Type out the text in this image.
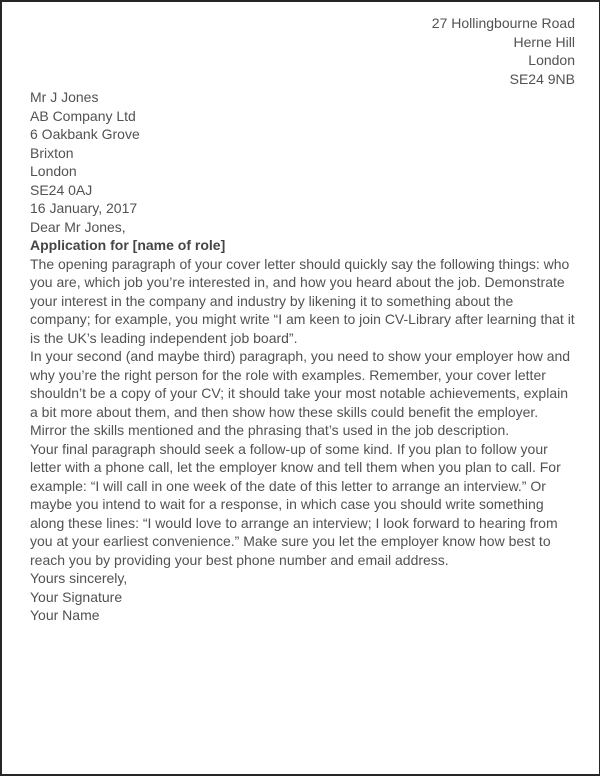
27 Hollingbourne Road
Herne Hill
London
SE24 9NB
Mr J Jones
AB Company Ltd
6 Oakbank Grove
Brixton
London
SE24 0AJ

16 January, 2017

Dear Mr Jones,

Application for [name of role]

The opening paragraph of your cover letter should quickly say the following things: who you are, which job you’re interested in, and how you heard about the job. Demonstrate your interest in the company and industry by likening it to something about the company; for example, you might write “I am keen to join CV-Library after learning that it is the UK’s leading independent job board”.

In your second (and maybe third) paragraph, you need to show your employer how and why you’re the right person for the role with examples. Remember, your cover letter shouldn’t be a copy of your CV; it should take your most notable achievements, explain a bit more about them, and then show how these skills could benefit the employer. Mirror the skills mentioned and the phrasing that’s used in the job description.

Your final paragraph should seek a follow-up of some kind. If you plan to follow your letter with a phone call, let the employer know and tell them when you plan to call. For example: “I will call in one week of the date of this letter to arrange an interview.” Or maybe you intend to wait for a response, in which case you should write something along these lines: “I would love to arrange an interview; I look forward to hearing from you at your earliest convenience.” Make sure you let the employer know how best to reach you by providing your best phone number and email address.

Yours sincerely,

Your Signature
Your Name
